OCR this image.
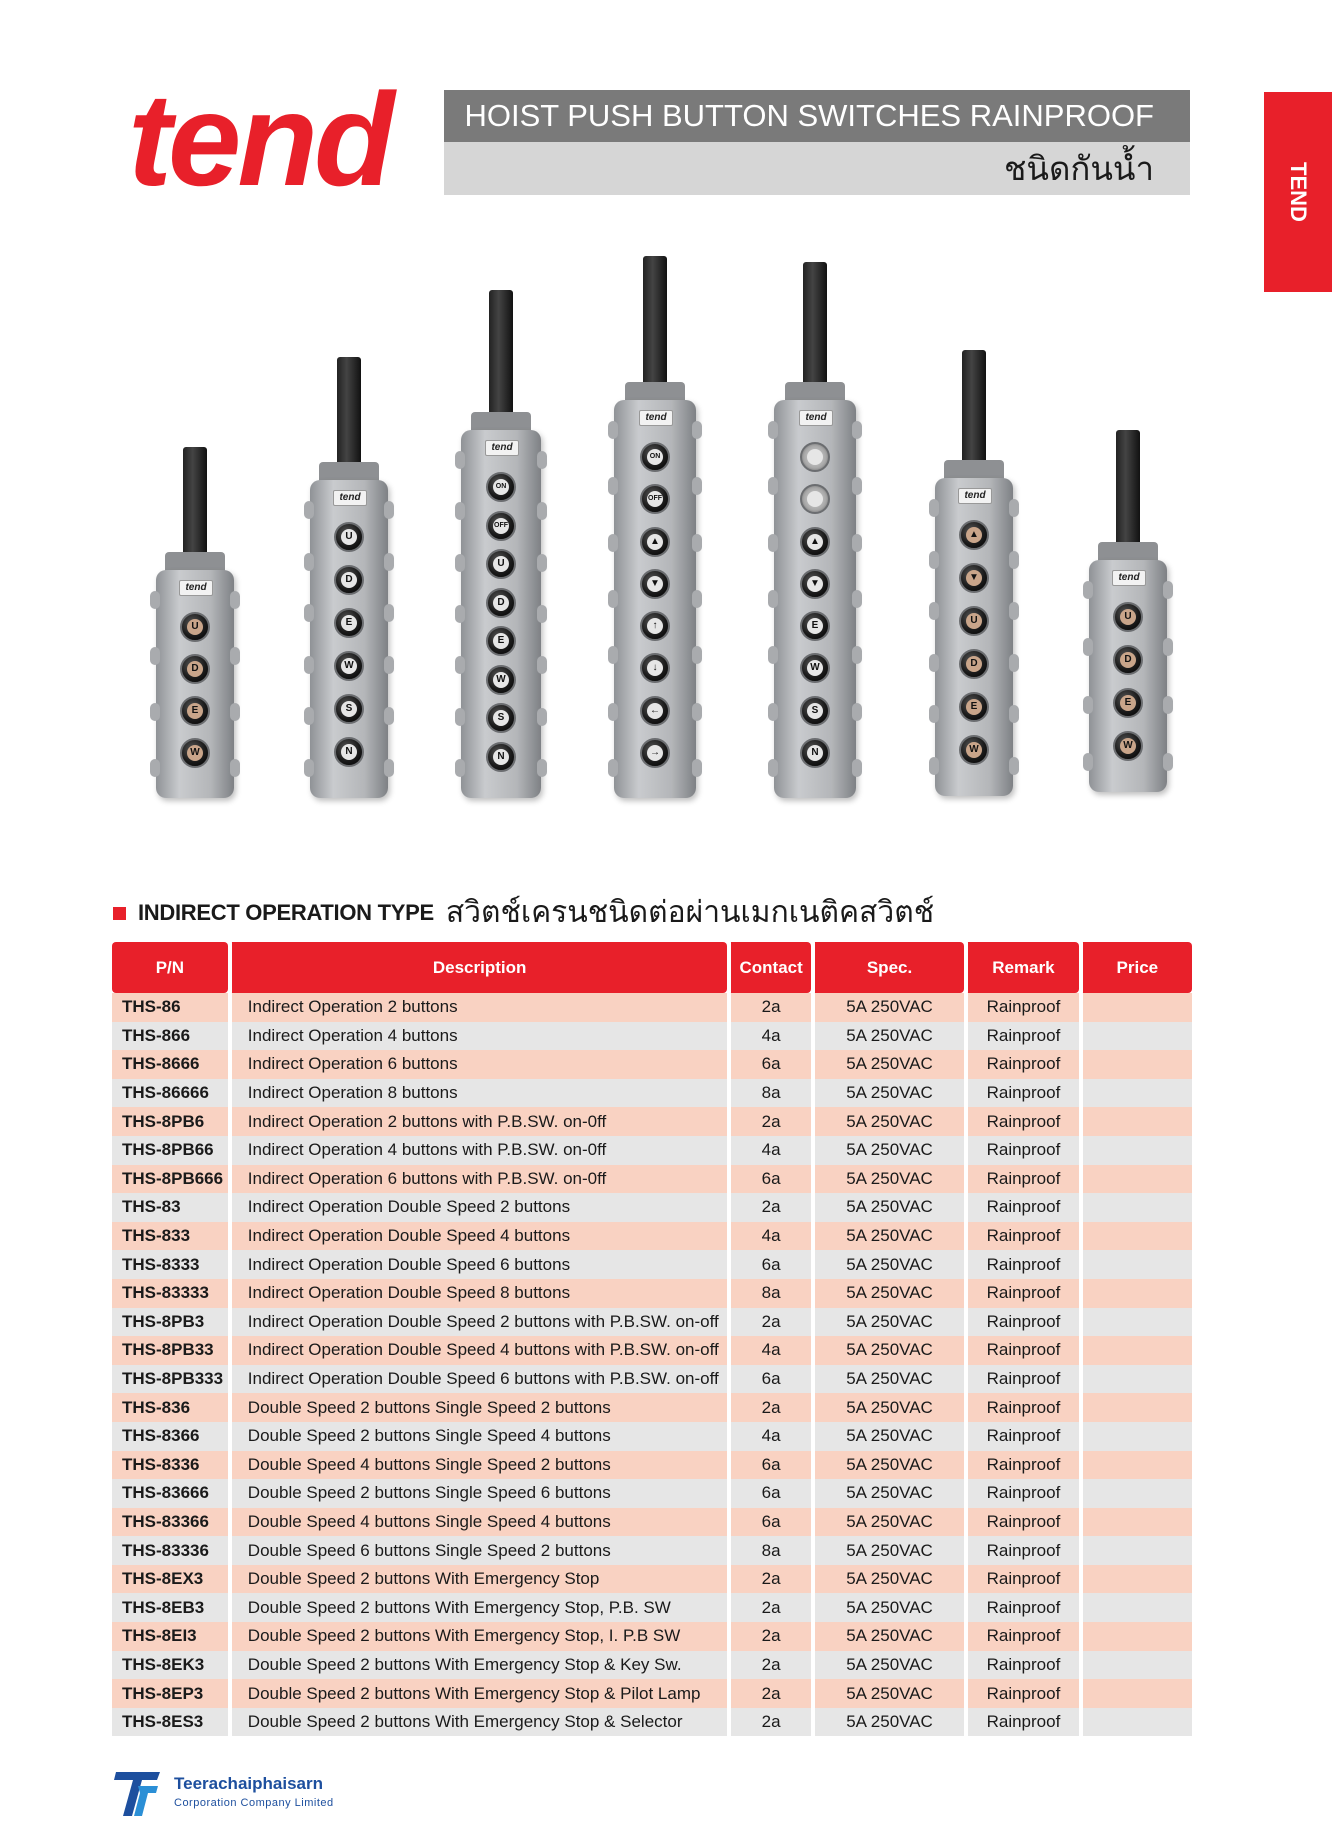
tend	HOIST PUSH BUTTON SWITCHES RAINPROOF
ชนิดกันน้ำ	TEND
tend
U
D
E
W
tend
U
D
E
W
S
N
tend
ON
OFF
U
D
E
W
S
N
tend
ON
OFF
▲
▼
↑
↓
←
→
tend
▲
▼
E
W
S
N
tend
▲
▼
U
D
E
W
tend
U
D
E
W
INDIRECT OPERATION TYPE สวิตช์เครนชนิดต่อผ่านเมกเนติคสวิตช์
P/N	Description	Contact	Spec.	Remark	Price
THS-86	Indirect Operation 2 buttons	2a	5A 250VAC	Rainproof	
THS-866	Indirect Operation 4 buttons	4a	5A 250VAC	Rainproof	
THS-8666	Indirect Operation 6 buttons	6a	5A 250VAC	Rainproof	
THS-86666	Indirect Operation 8 buttons	8a	5A 250VAC	Rainproof	
THS-8PB6	Indirect Operation 2 buttons with P.B.SW. on-0ff	2a	5A 250VAC	Rainproof	
THS-8PB66	Indirect Operation 4 buttons with P.B.SW. on-0ff	4a	5A 250VAC	Rainproof	
THS-8PB666	Indirect Operation 6 buttons with P.B.SW. on-0ff	6a	5A 250VAC	Rainproof	
THS-83	Indirect Operation Double Speed 2 buttons	2a	5A 250VAC	Rainproof	
THS-833	Indirect Operation Double Speed 4 buttons	4a	5A 250VAC	Rainproof	
THS-8333	Indirect Operation Double Speed 6 buttons	6a	5A 250VAC	Rainproof	
THS-83333	Indirect Operation Double Speed 8 buttons	8a	5A 250VAC	Rainproof	
THS-8PB3	Indirect Operation Double Speed 2 buttons with P.B.SW. on-off	2a	5A 250VAC	Rainproof	
THS-8PB33	Indirect Operation Double Speed 4 buttons with P.B.SW. on-off	4a	5A 250VAC	Rainproof	
THS-8PB333	Indirect Operation Double Speed 6 buttons with P.B.SW. on-off	6a	5A 250VAC	Rainproof	
THS-836	Double Speed 2 buttons Single Speed 2 buttons	2a	5A 250VAC	Rainproof	
THS-8366	Double Speed 2 buttons Single Speed 4 buttons	4a	5A 250VAC	Rainproof	
THS-8336	Double Speed 4 buttons Single Speed 2 buttons	6a	5A 250VAC	Rainproof	
THS-83666	Double Speed 2 buttons Single Speed 6 buttons	6a	5A 250VAC	Rainproof	
THS-83366	Double Speed 4 buttons Single Speed 4 buttons	6a	5A 250VAC	Rainproof	
THS-83336	Double Speed 6 buttons Single Speed 2 buttons	8a	5A 250VAC	Rainproof	
THS-8EX3	Double Speed 2 buttons With Emergency Stop	2a	5A 250VAC	Rainproof	
THS-8EB3	Double Speed 2 buttons With Emergency Stop, P.B. SW	2a	5A 250VAC	Rainproof	
THS-8EI3	Double Speed 2 buttons With Emergency Stop, I. P.B SW	2a	5A 250VAC	Rainproof	
THS-8EK3	Double Speed 2 buttons With Emergency Stop & Key Sw.	2a	5A 250VAC	Rainproof	
THS-8EP3	Double Speed 2 buttons With Emergency Stop & Pilot Lamp	2a	5A 250VAC	Rainproof	
THS-8ES3	Double Speed 2 buttons With Emergency Stop & Selector	2a	5A 250VAC	Rainproof	
Teerachaiphaisarn
Corporation Company Limited
